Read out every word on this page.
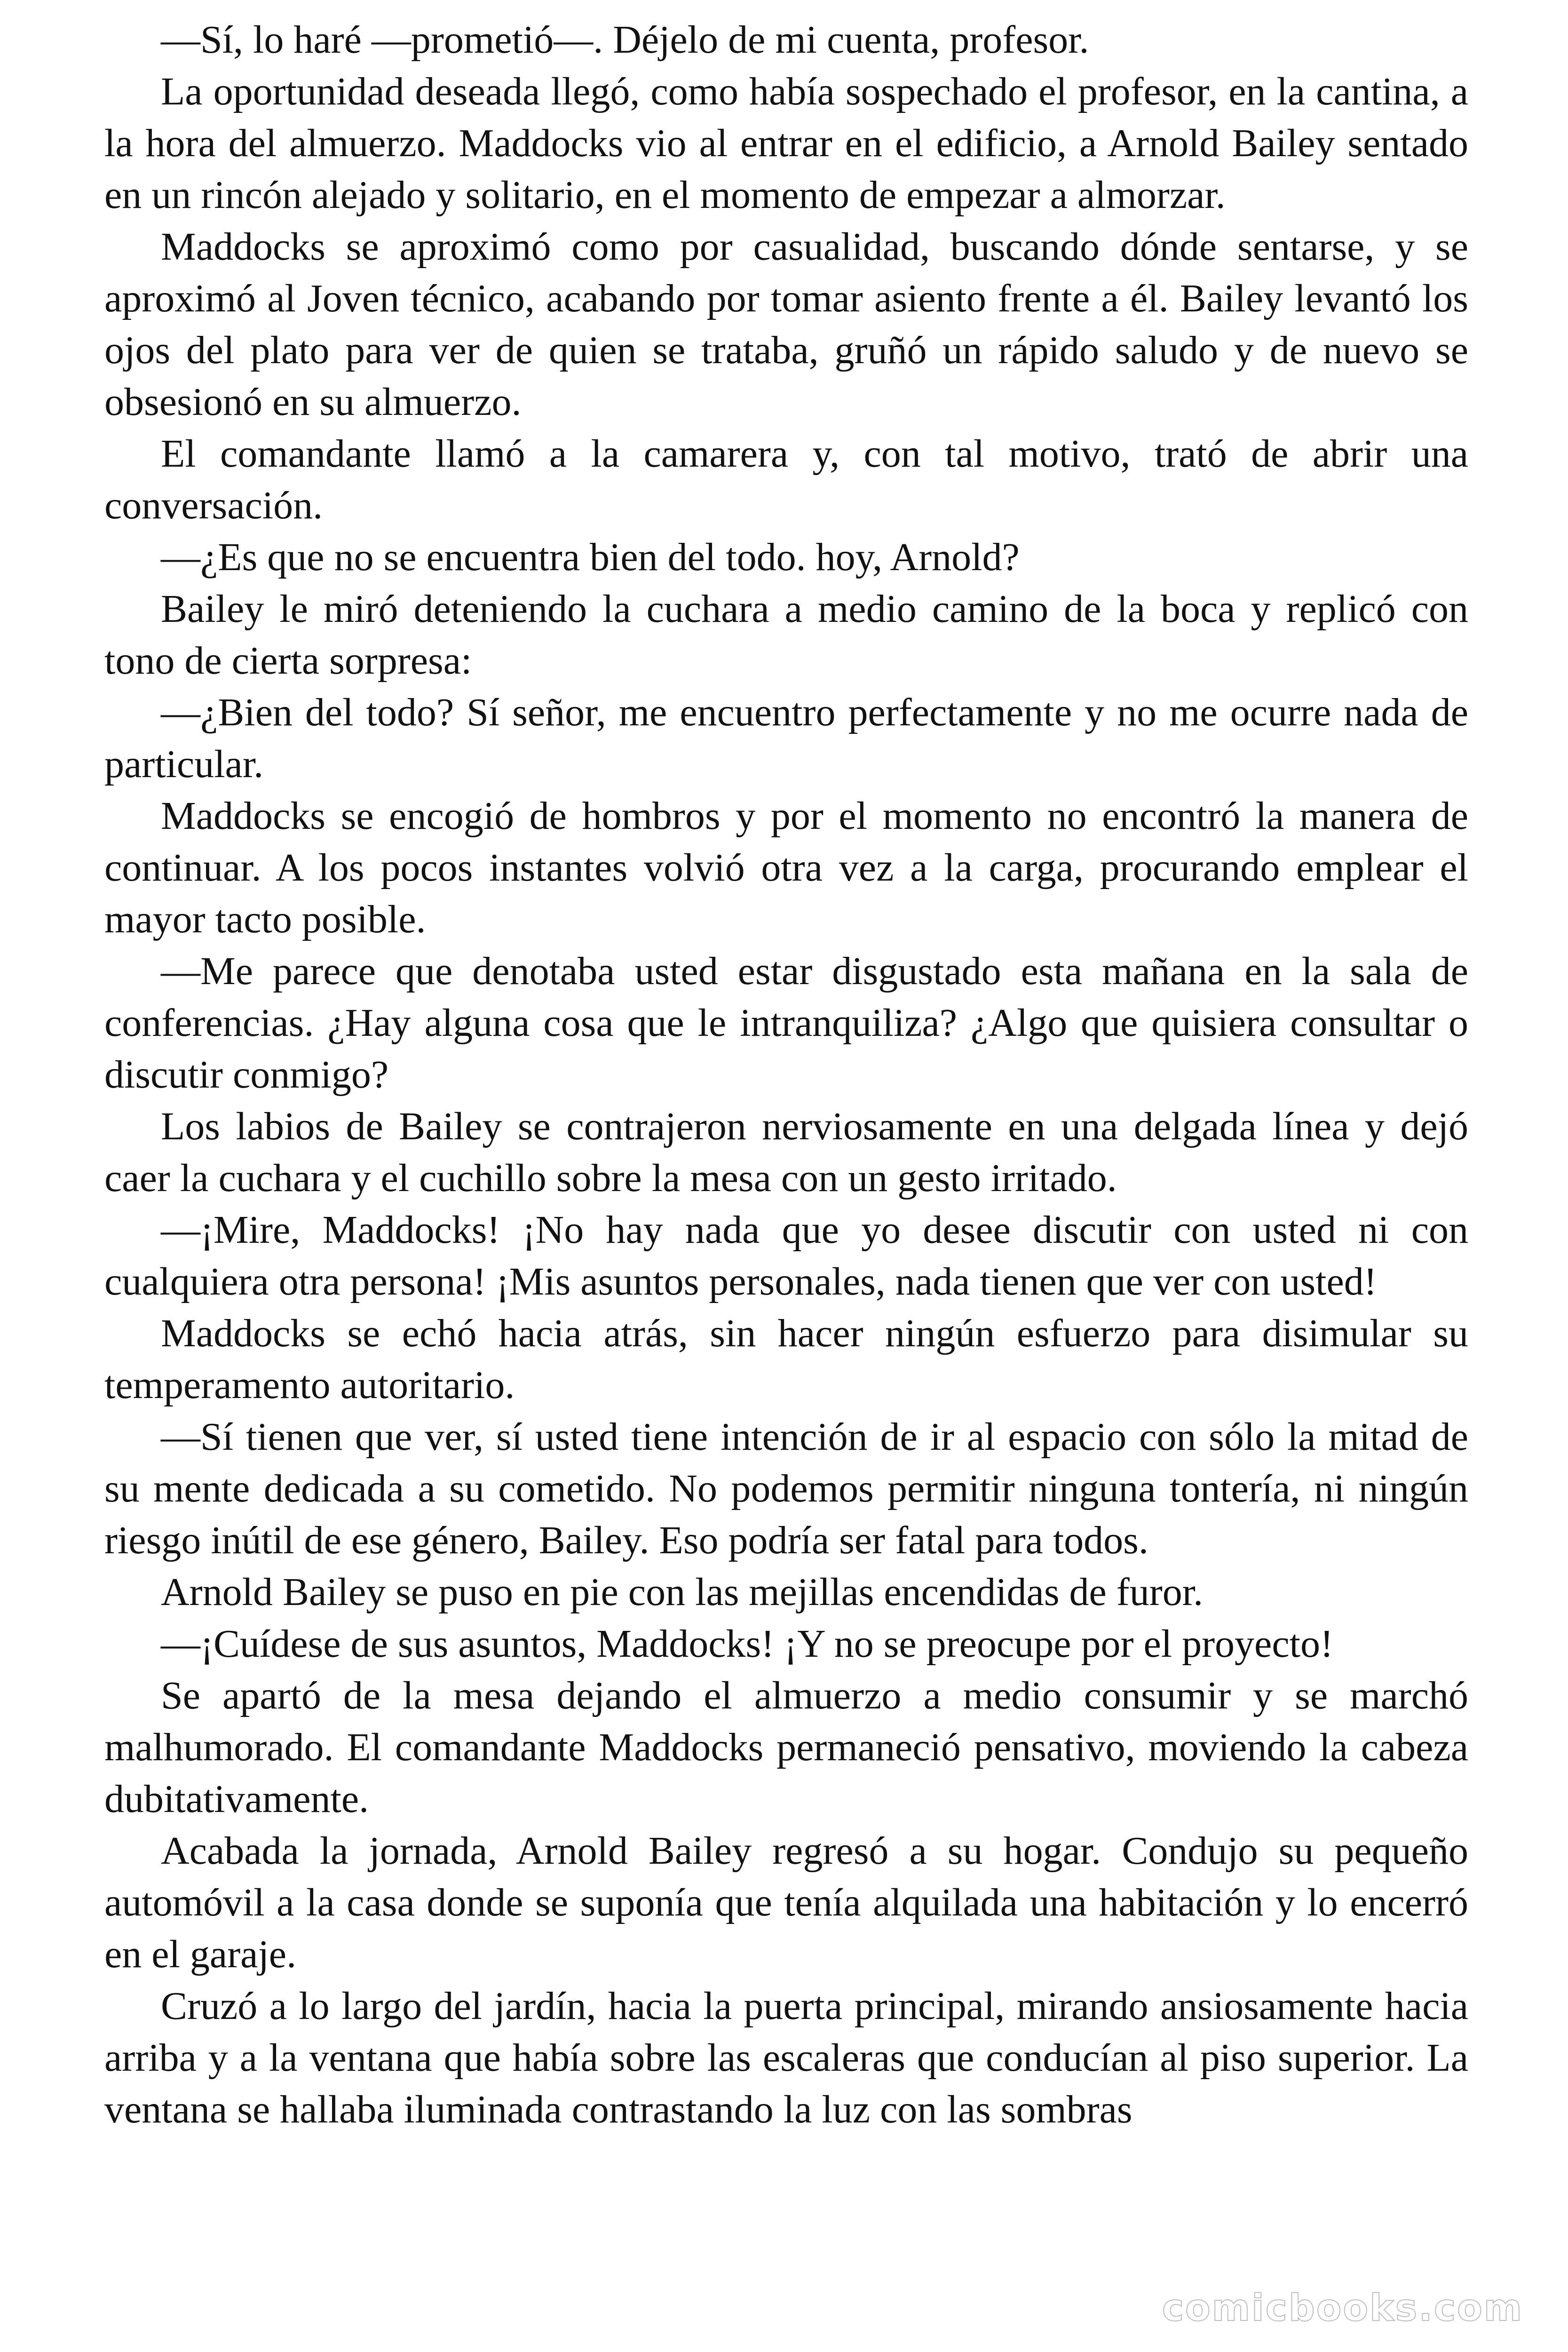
—Sí, lo haré —prometió—. Déjelo de mi cuenta, profesor.

La oportunidad deseada llegó, como había sospechado el profesor, en la cantina, a la hora del almuerzo. Maddocks vio al entrar en el edificio, a Arnold Bailey sentado en un rincón alejado y solitario, en el momento de empezar a almorzar.

Maddocks se aproximó como por casualidad, buscando dónde sentarse, y se aproximó al Joven técnico, acabando por tomar asiento frente a él. Bailey levantó los ojos del plato para ver de quien se trataba, gruñó un rápido saludo y de nuevo se obsesionó en su almuerzo.

El comandante llamó a la camarera y, con tal motivo, trató de abrir una conversación.

—¿Es que no se encuentra bien del todo. hoy, Arnold?

Bailey le miró deteniendo la cuchara a medio camino de la boca y replicó con tono de cierta sorpresa:

—¿Bien del todo? Sí señor, me encuentro perfectamente y no me ocurre nada de particular.

Maddocks se encogió de hombros y por el momento no encontró la manera de continuar. A los pocos instantes volvió otra vez a la carga, procurando emplear el mayor tacto posible.

—Me parece que denotaba usted estar disgustado esta mañana en la sala de conferencias. ¿Hay alguna cosa que le intranquiliza? ¿Algo que quisiera consultar o discutir conmigo?

Los labios de Bailey se contrajeron nerviosamente en una delgada línea y dejó caer la cuchara y el cuchillo sobre la mesa con un gesto irritado.

—¡Mire, Maddocks! ¡No hay nada que yo desee discutir con usted ni con cualquiera otra persona! ¡Mis asuntos personales, nada tienen que ver con usted!

Maddocks se echó hacia atrás, sin hacer ningún esfuerzo para disimular su temperamento autoritario.

—Sí tienen que ver, sí usted tiene intención de ir al espacio con sólo la mitad de su mente dedicada a su cometido. No podemos permitir ninguna tontería, ni ningún riesgo inútil de ese género, Bailey. Eso podría ser fatal para todos.

Arnold Bailey se puso en pie con las mejillas encendidas de furor.

—¡Cuídese de sus asuntos, Maddocks! ¡Y no se preocupe por el proyecto!

Se apartó de la mesa dejando el almuerzo a medio consumir y se marchó malhumorado. El comandante Maddocks permaneció pensativo, moviendo la cabeza dubitativamente.

Acabada la jornada, Arnold Bailey regresó a su hogar. Condujo su pequeño automóvil a la casa donde se suponía que tenía alquilada una habitación y lo encerró en el garaje.

Cruzó a lo largo del jardín, hacia la puerta principal, mirando ansiosamente hacia arriba y a la ventana que había sobre las escaleras que conducían al piso superior. La ventana se hallaba iluminada contrastando la luz con las sombras

comicbooks.com
